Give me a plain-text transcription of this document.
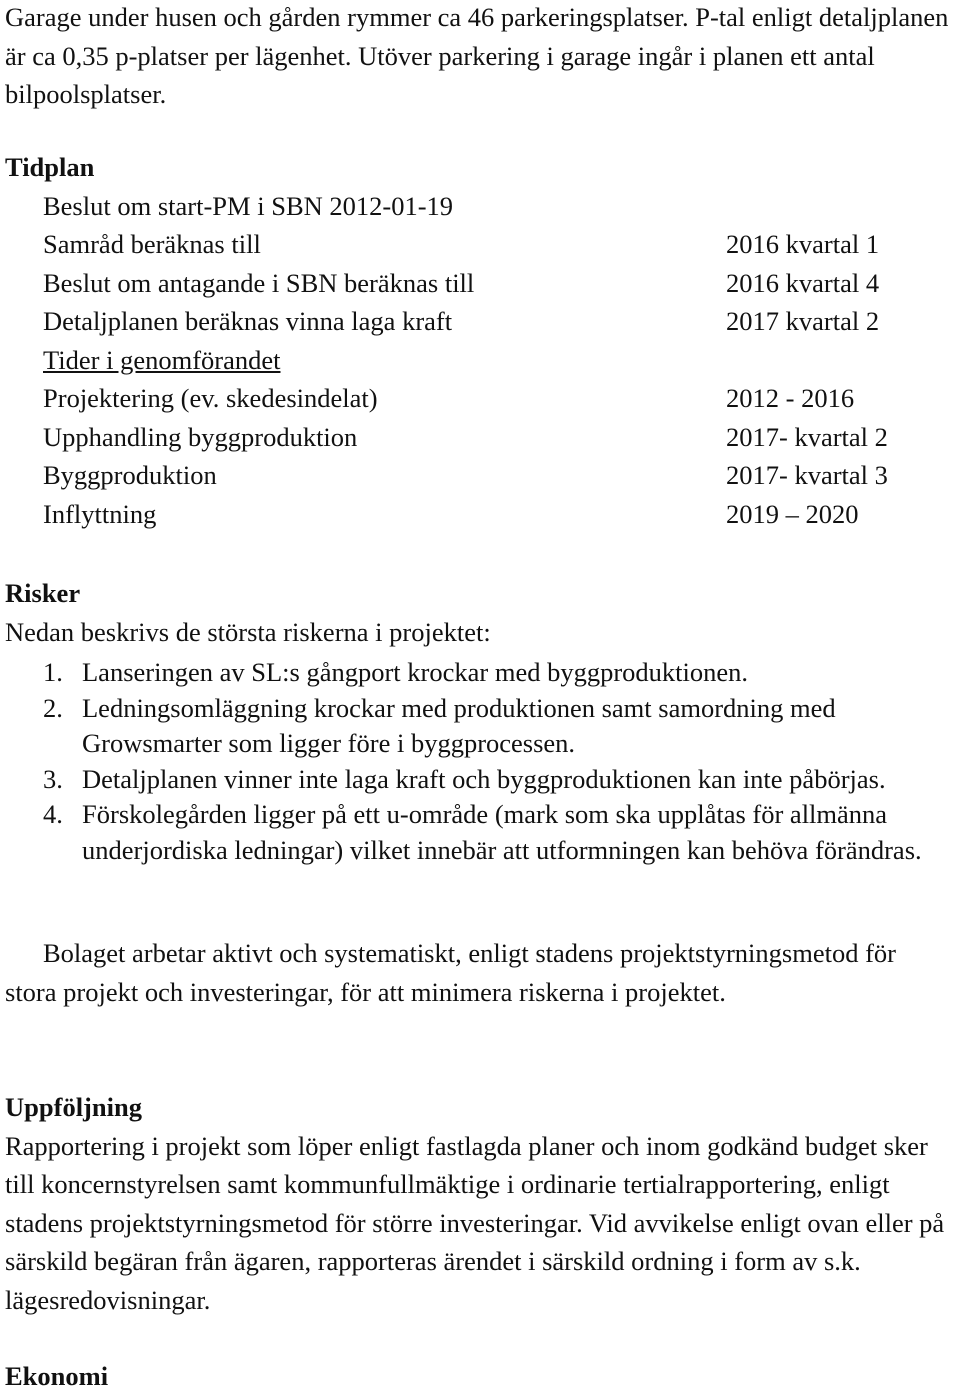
Garage under husen och gården rymmer ca 46 parkeringsplatser. P-tal enligt detaljplanen är ca 0,35 p-platser per lägenhet. Utöver parkering i garage ingår i planen ett antal bilpoolsplatser.

Tidplan
Beslut om start-PM i SBN 2012-01-19
Samråd beräknas till	2016 kvartal 1
Beslut om antagande i SBN beräknas till	2016 kvartal 4
Detaljplanen beräknas vinna laga kraft	2017 kvartal 2
Tider i genomförandet
Projektering (ev. skedesindelat)	2012 - 2016
Upphandling byggproduktion	2017- kvartal 2
Byggproduktion	2017- kvartal 3
Inflyttning	2019 – 2020
Risker
Nedan beskrivs de största riskerna i projektet:
1. Lanseringen av SL:s gångport krockar med byggproduktionen.
2. Ledningsomläggning krockar med produktionen samt samordning med Growsmarter som ligger före i byggprocessen.
3. Detaljplanen vinner inte laga kraft och byggproduktionen kan inte påbörjas.
4. Förskolegården ligger på ett u-område (mark som ska upplåtas för allmänna underjordiska ledningar) vilket innebär att utformningen kan behöva förändras.

Bolaget arbetar aktivt och systematiskt, enligt stadens projektstyrningsmetod för stora projekt och investeringar, för att minimera riskerna i projektet.

Uppföljning
Rapportering i projekt som löper enligt fastlagda planer och inom godkänd budget sker till koncernstyrelsen samt kommunfullmäktige i ordinarie tertialrapportering, enligt stadens projektstyrningsmetod för större investeringar. Vid avvikelse enligt ovan eller på särskild begäran från ägaren, rapporteras ärendet i särskild ordning i form av s.k. lägesredovisningar.
Ekonomi
